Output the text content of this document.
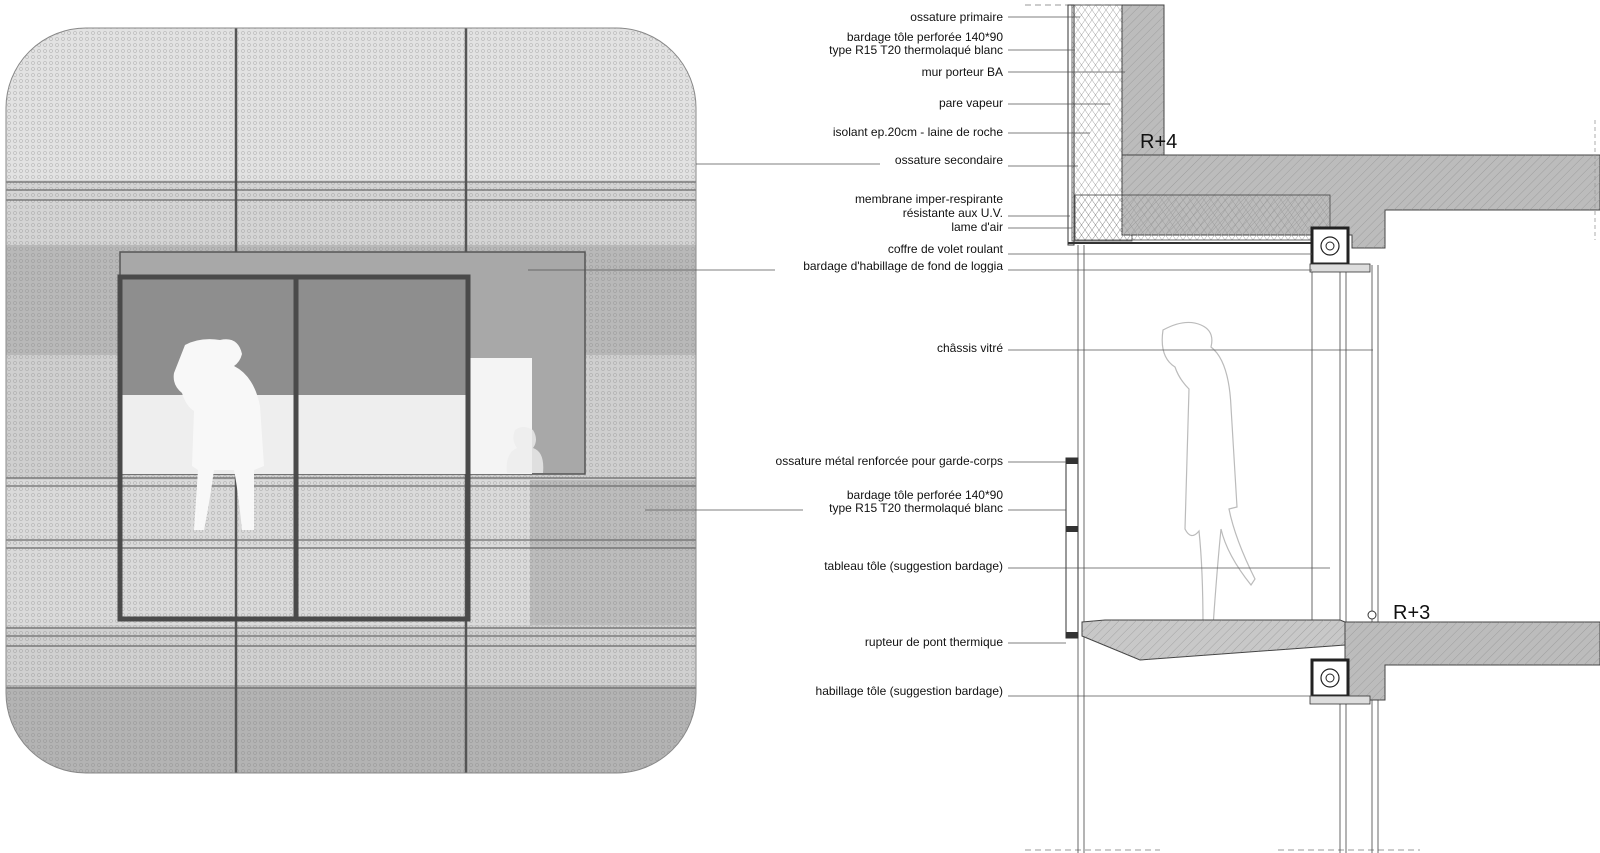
ossature primaire
bardage tôle perforée 140*90
type R15 T20 thermolaqué blanc
mur porteur BA
pare vapeur
isolant ep.20cm - laine de roche
ossature secondaire
membrane imper-respirante
résistante aux U.V.
lame d'air
coffre de volet roulant
bardage d'habillage de fond de loggia
châssis vitré
ossature métal renforcée pour garde-corps
bardage tôle perforée 140*90
type R15 T20 thermolaqué blanc
tableau tôle (suggestion bardage)
rupteur de pont thermique
habillage tôle (suggestion bardage)
R+4
R+3
